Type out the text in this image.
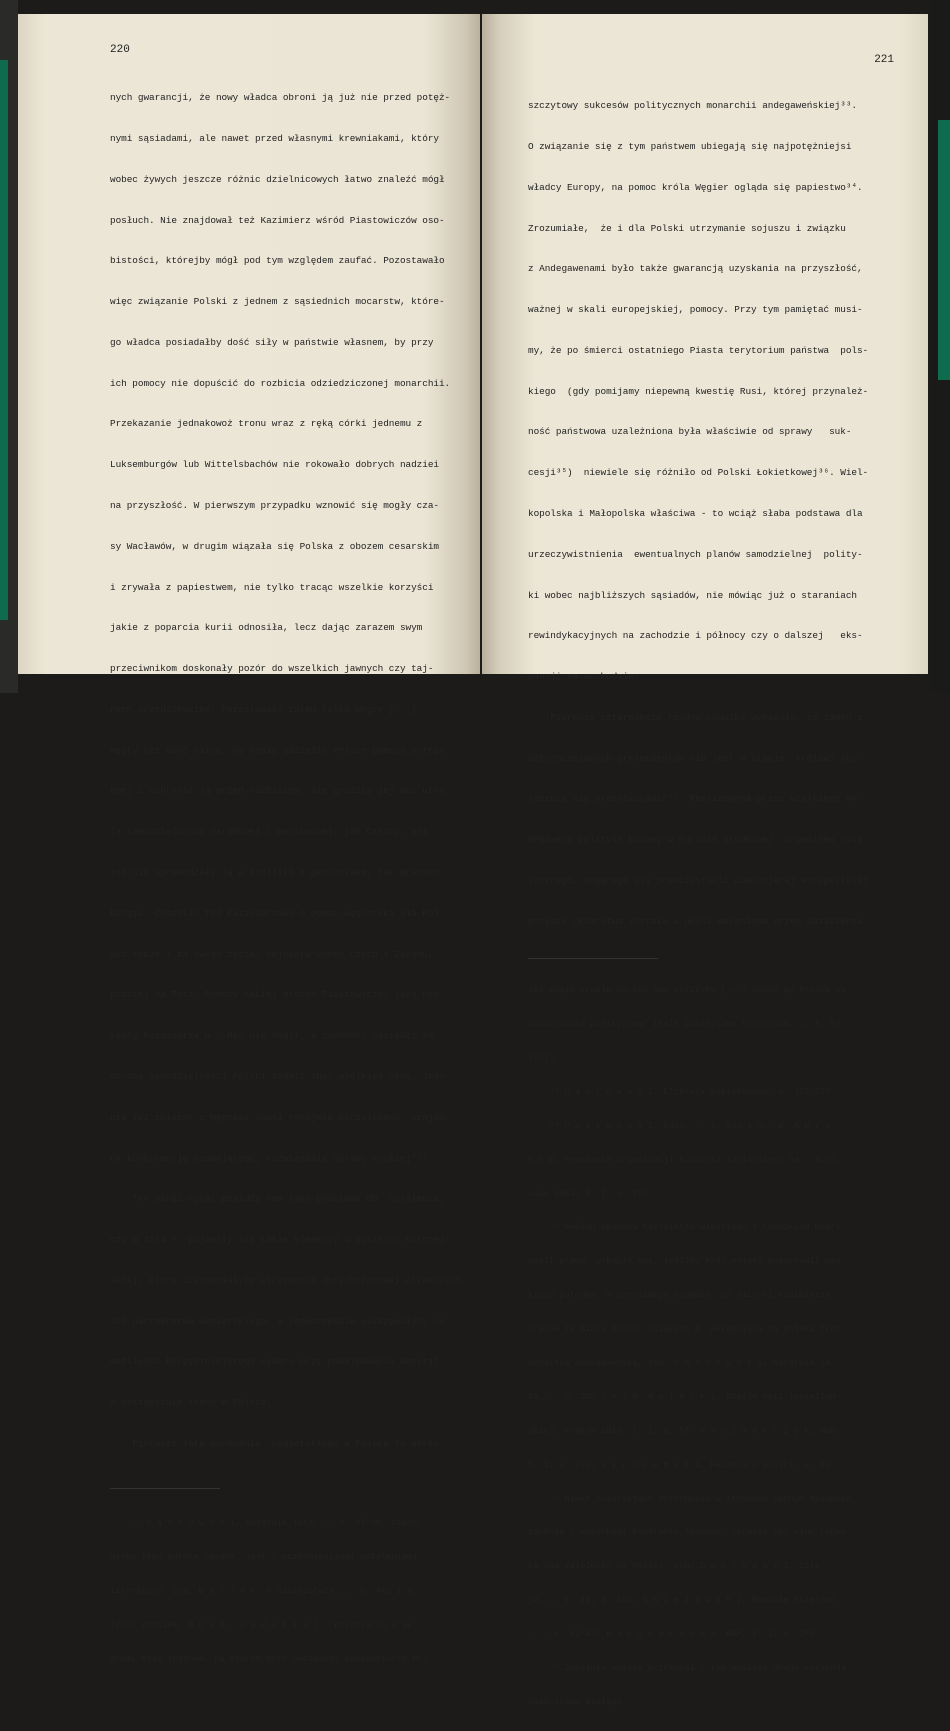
220

nych gwarancji, że nowy władca obroni ją już nie przed potęż-

nymi sąsiadami, ale nawet przed własnymi krewniakami, który

wobec żywych jeszcze różnic dzielnicowych łatwo znaleźć mógł

posłuch. Nie znajdował też Kazimierz wśród Piastowiczów oso-

bistości, którejby mógł pod tym względem zaufać. Pozostawało

więc związanie Polski z jednem z sąsiednich mocarstw, które-

go władca posiadałby dość siły w państwie własnem, by przy

ich pomocy nie dopuścić do rozbicia odziedziczonej monarchii.

Przekazanie jednakowoż tronu wraz z ręką córki jednemu z

Luksemburgów lub Wittelsbachów nie rokowało dobrych nadziei

na przyszłość. W pierwszym przypadku wznowić się mogły cza-

sy Wacławów, w drugim wiązała się Polska z obozem cesarskim

i zrywała z papiestwem, nie tylko tracąc wszelkie korzyści

jakie z poparcia kurii odnosiła, lecz dając zarazem swym

przeciwnikom doskonały pozór do wszelkich jawnych czy taj-

nych przedsięwzięć. Pozostawały zatem tylko Węgry [...]

Węgry też dość silne, by mogły udzielić Polsce pomocy potrze-

bnej i uchronić ją przed rozbiciem, nie groziły jej ani utra-

tą samodzielności narodowej i państwowej, jak Czechy, ani

też nie wprowadzały ją w konflikt z papiestwem, jak Branden-

burgia. Chodziło też Kazimierzowi o pomoc węgierską dla Pol-

ski także i za swego życia, najpierw wobec Czech i Zakonu,

później na Rusi. Pomocy takiej drobni Piastowicze, jako nas-

tępcy Kazimierza W., dać nie mogli, a zachodni sąsiedzi za

obronę samodzielności Polski żądali zbyt wielkiej ceny. Jedy-

nie też związek z Węgrami dawał rękojmię korzystnego, wzajem-

na konkurencję usuwającego, rozwiązania sprawy ruskiej"³²

Ten długi cytat posłuży nam jako podstawa do  ustalenia,

czy w 1374 r. pojawiły się takie elementy w polityce europej-

skiej, które uzasadniałyby utrzymanie dotychczasowej atrakcyjno-

ści partnerstwa węgierskiego, a jednocześnie wskazywałyby na

możliwość korzystniejszego wyboru przy podejmowaniu decyzji

o następstwie tronu w Polsce.

Pierwsze lata panowania  węgierskiego w Polsce to okres

³² D ą b r o w s k i, Ostatnie lata..., s. 97-99. Stano-

wisko tego autora zgodne  jest z wcześniejszymi ustaleniami

literatury, zob. B a l z e r, O następstwie..., s. 403 i n.

Także zdaniem  M o s z c z e ń s k i e j  "przymierze z Wę-

grami było jedynem, na którem przy ówczesnej koniunkturze Pol-

221

szczytowy sukcesów politycznych monarchii andegaweńskiej³³.

O związanie się z tym państwem ubiegają się najpotężniejsi

władcy Europy, na pomoc króla Węgier ogląda się papiestwo³⁴.

Zrozumiałe,  że i dla Polski utrzymanie sojuszu i związku

z Andegawenami było także gwarancją uzyskania na przyszłość,

ważnej w skali europejskiej, pomocy. Przy tym pamiętać musi-

my, że po śmierci ostatniego Piasta terytorium państwa  pols-

kiego  (gdy pomijamy niepewną kwestię Rusi, której przynależ-

ność państwowa uzależniona była właściwie od sprawy   suk-

cesji³⁵)  niewiele się różniło od Polski Łokietkowej³⁶. Wiel-

kopolska i Małopolska właściwa - to wciąż słaba podstawa dla

urzeczywistnienia  ewentualnych planów samodzielnej  polity-

ki wobec najbliższych sąsiadów, nie mówiąc już o staraniach

rewindykacyjnych na zachodzie i północy czy o dalszej   eks-

pansji na wschodzie.

Pierwsze czterolecie rządów Ludwika wykazało, że żaden z

dotychczasowych pretendentów nie jest w stanie  królowi sku-

tecznie się przeciwstawić³⁷. Realizowana przez wielkiego An-

degawena polityka budowy w Europie Środkowej  organizmu poli-

tycznego, mogącego się przeciwstawić dominującej europejskiej

potędze cesarstwa została w pełni doceniona przez Kazimierza

ska mogła trwale oprzeć swą politykę [...] uznać go trzeba za

konieczność polityczną" (Rola polityczna rycerstwa..., s. 87

(55)).

³³ D ą b r o w s k i, Elżbieta Łokietkówna, s. 372-373.

³⁴ P o t k a ń s k i, Daty..., s. 264 i n.; W. A b r a-

h a m, Powstanie organizacji kościoła łacińskiego na   Rusi,

Lwów 1904, t. I, s. 295.

³⁵ Według układów Kazimierza Wielkiego z Ludwikiem Węgry

mieli prawo  wykupić Ruś, jeśliby król polski pozostawił męs-

kiego potomka, w przeciwnym wypadku, po śmierci Kazimierza,

kraina ta miała zostać związana z  wstępującą na polski tron

dynastią andegaweńską, zob. D ą b r o w s k i, Ostatnie la-

ta..., s. 288 i n.; O. H a l e c k i, Dzieje unii jagielloń-

skiej, Kraków 1919, t. I, s. 57; K a c z m a r c z y k, HDP,

t. I, s. 292; W y r o z u m s k i, Kazimierz Wielki, s. 89.

³⁶ Nawet pozostające dotychczas w stosunku lennym Mazowsze,

zgodnie z warunkami kontraktu lennego, zerwało bez winy Ludwi-

ka swą zależność od Polski, zob. D ą b r o w s k i, Dzie-

je..., t. II, s. 182; Ś w i e ż a w s k i, Rawskie Księstwo

..., s. 41-42; K a c z m a r c z y k, HDP, t. I, s. 255.

³⁷ Zupełnie świeżo przekonał o tym musiała druga eskapada

Władysława Białego.
